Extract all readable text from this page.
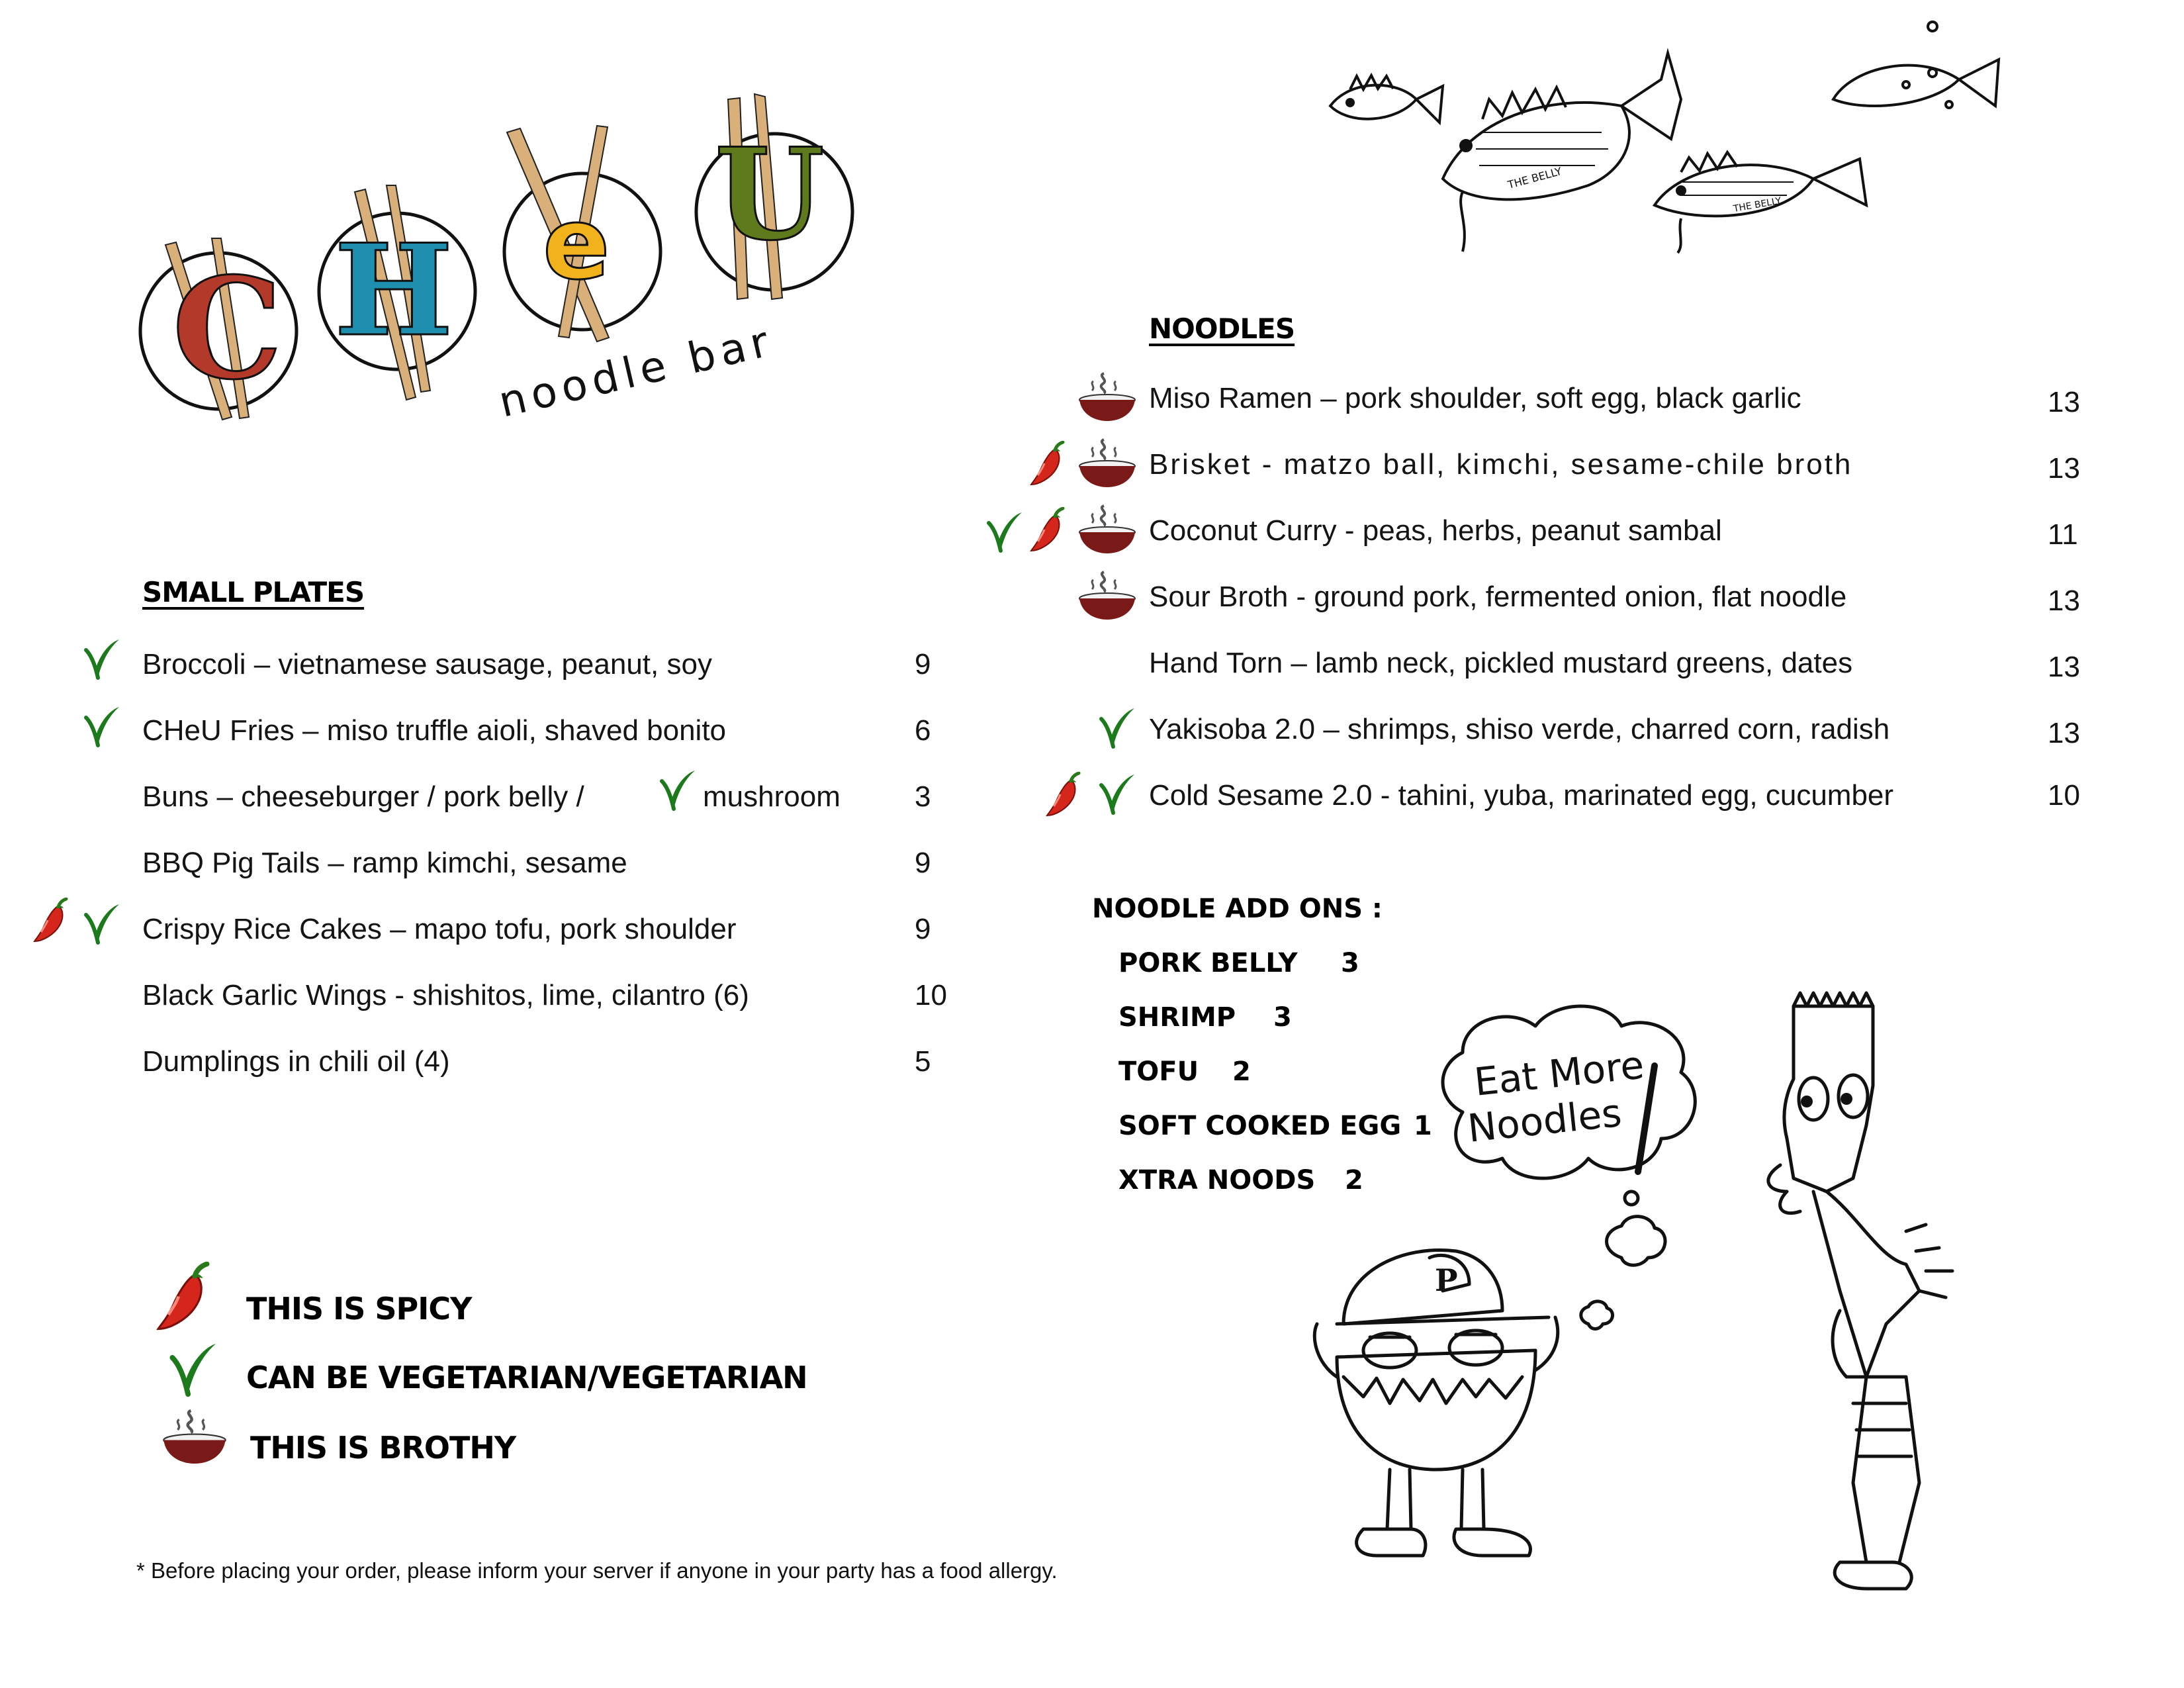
C H e U
noodle bar
THE BELLY
THE BELLY
SMALL PLATES
Broccoli – vietnamese sausage, peanut, soy	9
CHeU Fries – miso truffle aioli, shaved bonito	6
Buns – cheeseburger / pork belly /	mushroom	3
BBQ Pig Tails – ramp kimchi, sesame	9
Crispy Rice Cakes – mapo tofu, pork shoulder	9
Black Garlic Wings - shishitos, lime, cilantro (6)	10
Dumplings in chili oil (4)	5
NOODLES
Miso Ramen – pork shoulder, soft egg, black garlic	13
Brisket - matzo ball, kimchi, sesame-chile broth	13
Coconut Curry - peas, herbs, peanut sambal	11
Sour Broth - ground pork, fermented onion, flat noodle	13
Hand Torn – lamb neck, pickled mustard greens, dates	13
Yakisoba 2.0 – shrimps, shiso verde, charred corn, radish	13
Cold Sesame 2.0 - tahini, yuba, marinated egg, cucumber	10
NOODLE ADD ONS :
PORK BELLY 3
SHRIMP 3
TOFU 2
SOFT COOKED EGG 1
XTRA NOODS 2
THIS IS SPICY
CAN BE VEGETARIAN/VEGETARIAN
THIS IS BROTHY
* Before placing your order, please inform your server if anyone in your party has a food allergy.
P
Eat More
Noodles
